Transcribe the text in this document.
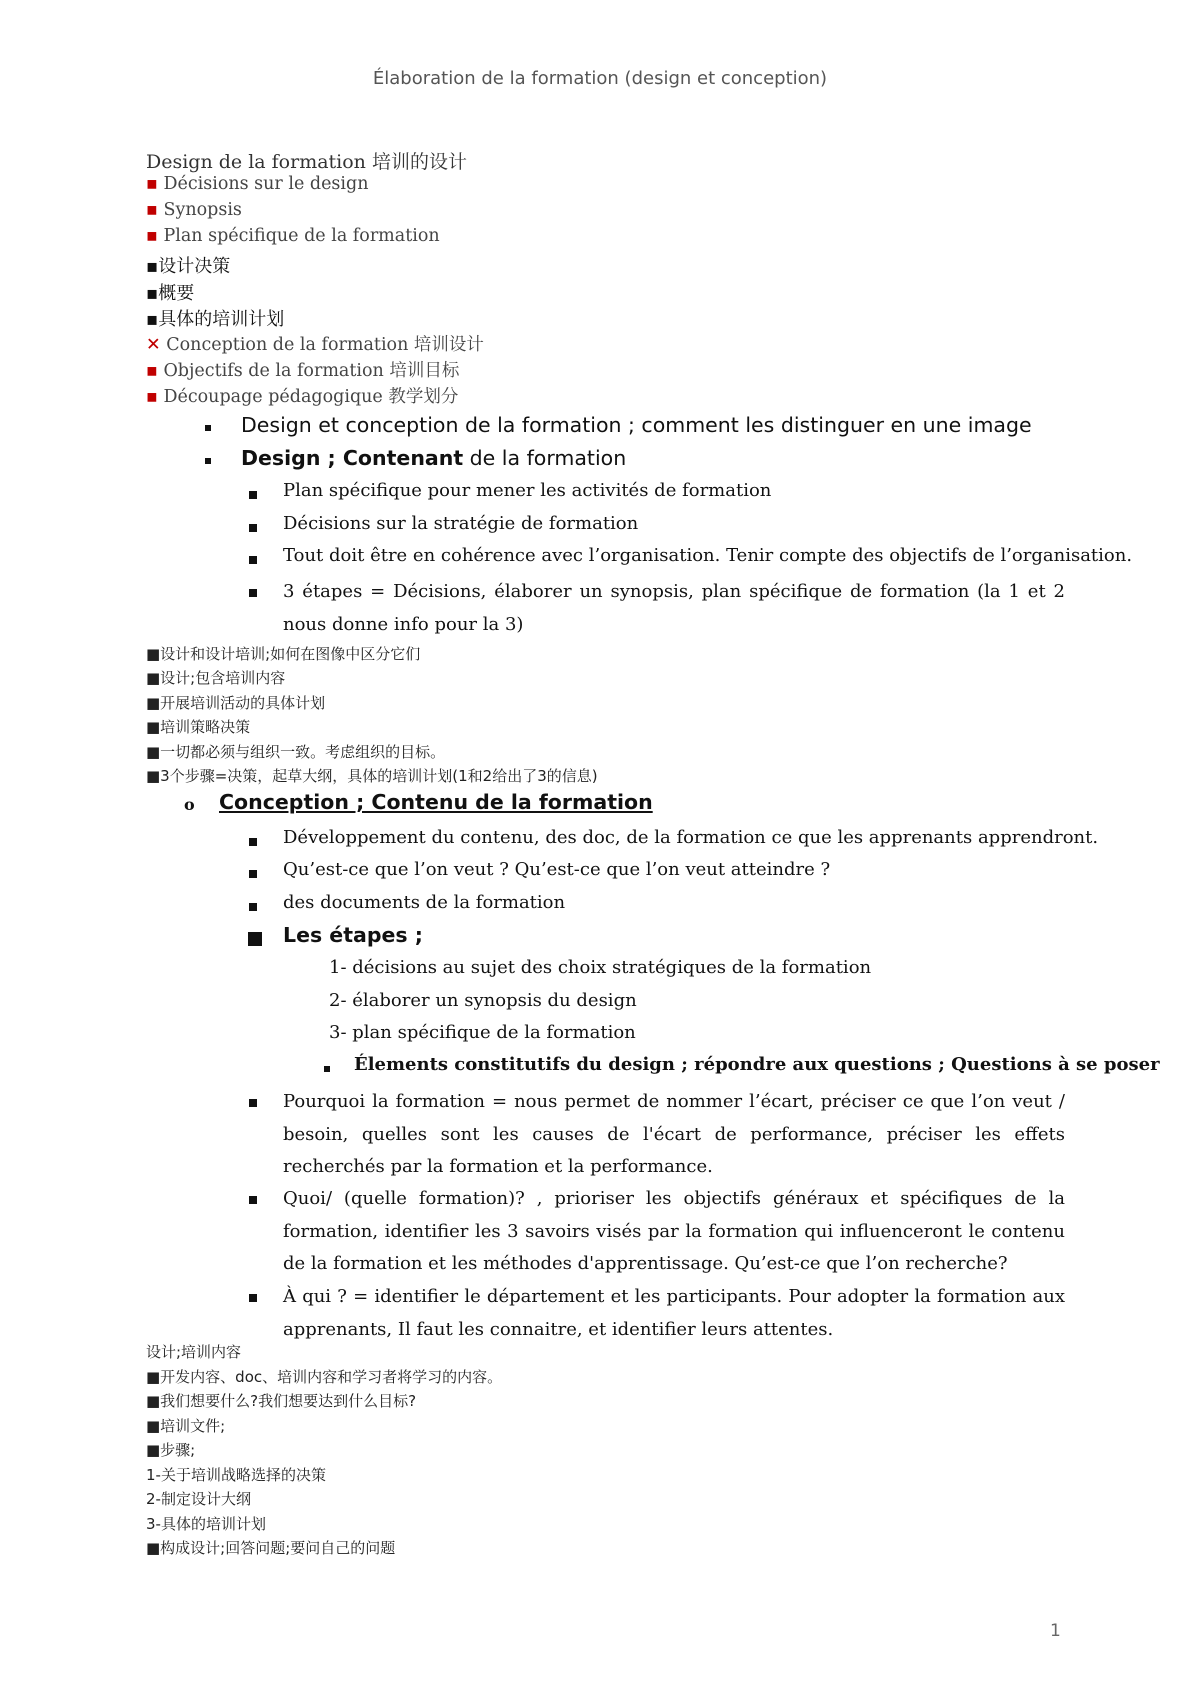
Élaboration de la formation (design et conception)
Design de la formation 培训的设计
▪ Décisions sur le design
▪ Synopsis
▪ Plan spécifique de la formation
▪设计决策
▪概要
▪具体的培训计划
✕ Conception de la formation 培训设计
▪ Objectifs de la formation 培训目标
▪ Découpage pédagogique 教学划分
Design et conception de la formation ; comment les distinguer en une image
Design ; Contenant de la formation
Plan spécifique pour mener les activités de formation
Décisions sur la stratégie de formation
Tout doit être en cohérence avec l’organisation. Tenir compte des objectifs de l’organisation.
3 étapes = Décisions, élaborer un synopsis, plan spécifique de formation (la 1 et 2 nous donne info pour la 3)
■设计和设计培训;如何在图像中区分它们
■设计;包含培训内容
■开展培训活动的具体计划
■培训策略决策
■一切都必须与组织一致。考虑组织的目标。
■3个步骤=决策，起草大纲，具体的培训计划(1和2给出了3的信息)
o Conception ; Contenu de la formation
Développement du contenu, des doc, de la formation ce que les apprenants apprendront.
Qu’est-ce que l’on veut ? Qu’est-ce que l’on veut atteindre ?
des documents de la formation
Les étapes ;
1- décisions au sujet des choix stratégiques de la formation
2- élaborer un synopsis du design
3- plan spécifique de la formation
Élements constitutifs du design ; répondre aux questions ; Questions à se poser
Pourquoi la formation = nous permet de nommer l’écart, préciser ce que l’on veut / besoin, quelles sont les causes de l'écart de performance, préciser les effets recherchés par la formation et la performance.
Quoi/ (quelle formation)? , prioriser les objectifs généraux et spécifiques de la formation, identifier les 3 savoirs visés par la formation qui influenceront le contenu de la formation et les méthodes d'apprentissage. Qu’est-ce que l’on recherche?
À qui ? = identifier le département et les participants. Pour adopter la formation aux apprenants, Il faut les connaitre, et identifier leurs attentes.
设计;培训内容
■开发内容、doc、培训内容和学习者将学习的内容。
■我们想要什么?我们想要达到什么目标?
■培训文件;
■步骤;
1-关于培训战略选择的决策
2-制定设计大纲
3-具体的培训计划
■构成设计;回答问题;要问自己的问题
1
